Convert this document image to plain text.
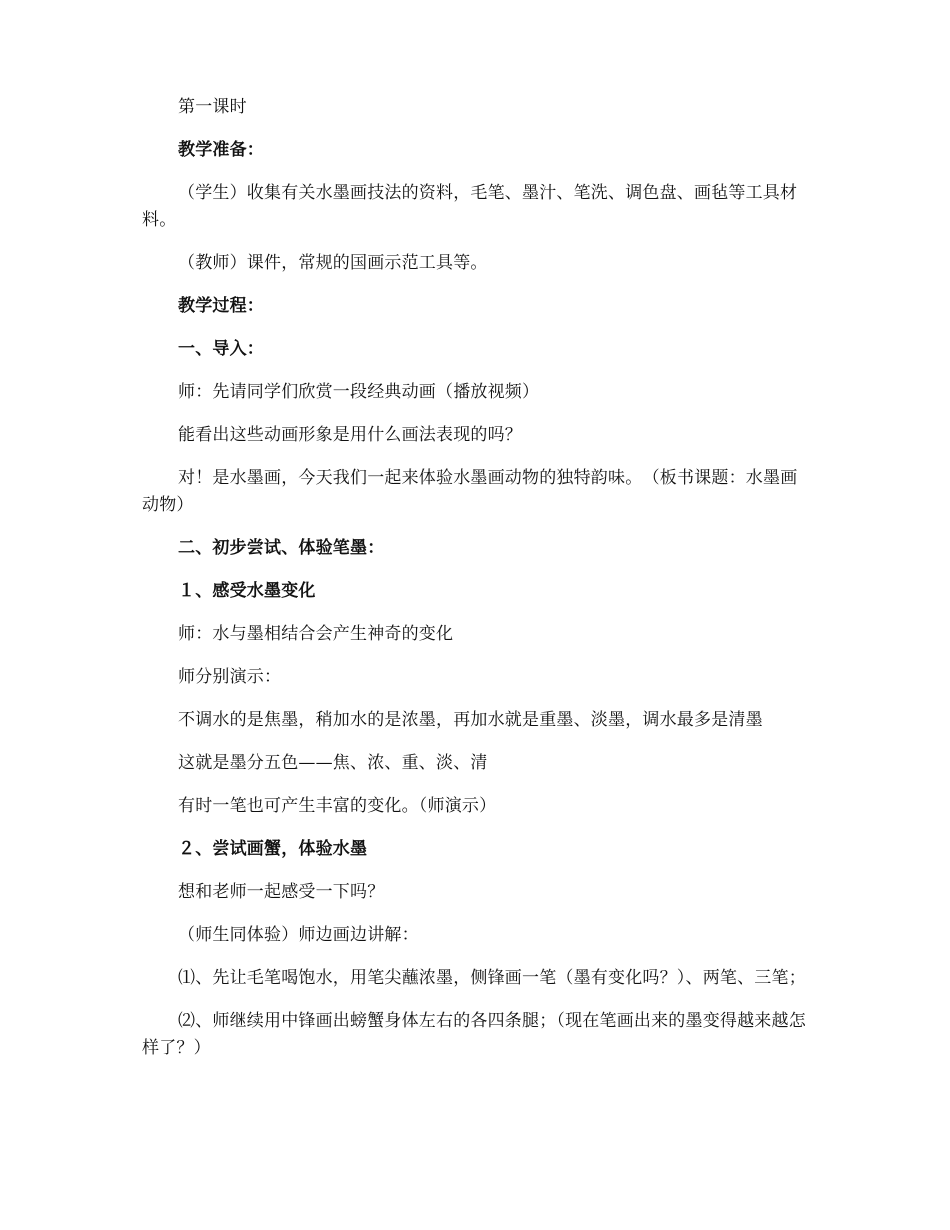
第一课时

教学准备：

（学生）收集有关水墨画技法的资料，毛笔、墨汁、笔洗、调色盘、画毡等工具材料。

（教师）课件，常规的国画示范工具等。

教学过程：

一、导入：

师：先请同学们欣赏一段经典动画（播放视频）

能看出这些动画形象是用什么画法表现的吗？

对！是水墨画，今天我们一起来体验水墨画动物的独特韵味。　（板书课题：水墨画动物）

二、初步尝试、体验笔墨：

１、感受水墨变化

师：水与墨相结合会产生神奇的变化

师分别演示：

不调水的是焦墨，稍加水的是浓墨，再加水就是重墨、淡墨，调水最多是清墨

这就是墨分五色——焦、浓、重、淡、清

有时一笔也可产生丰富的变化。（师演示）

２、尝试画蟹，体验水墨

想和老师一起感受一下吗？

（师生同体验）师边画边讲解：

⑴、先让毛笔喝饱水，用笔尖蘸浓墨，侧锋画一笔（墨有变化吗？）、两笔、三笔；

⑵、师继续用中锋画出螃蟹身体左右的各四条腿；（现在笔画出来的墨变得越来越怎样了？）
